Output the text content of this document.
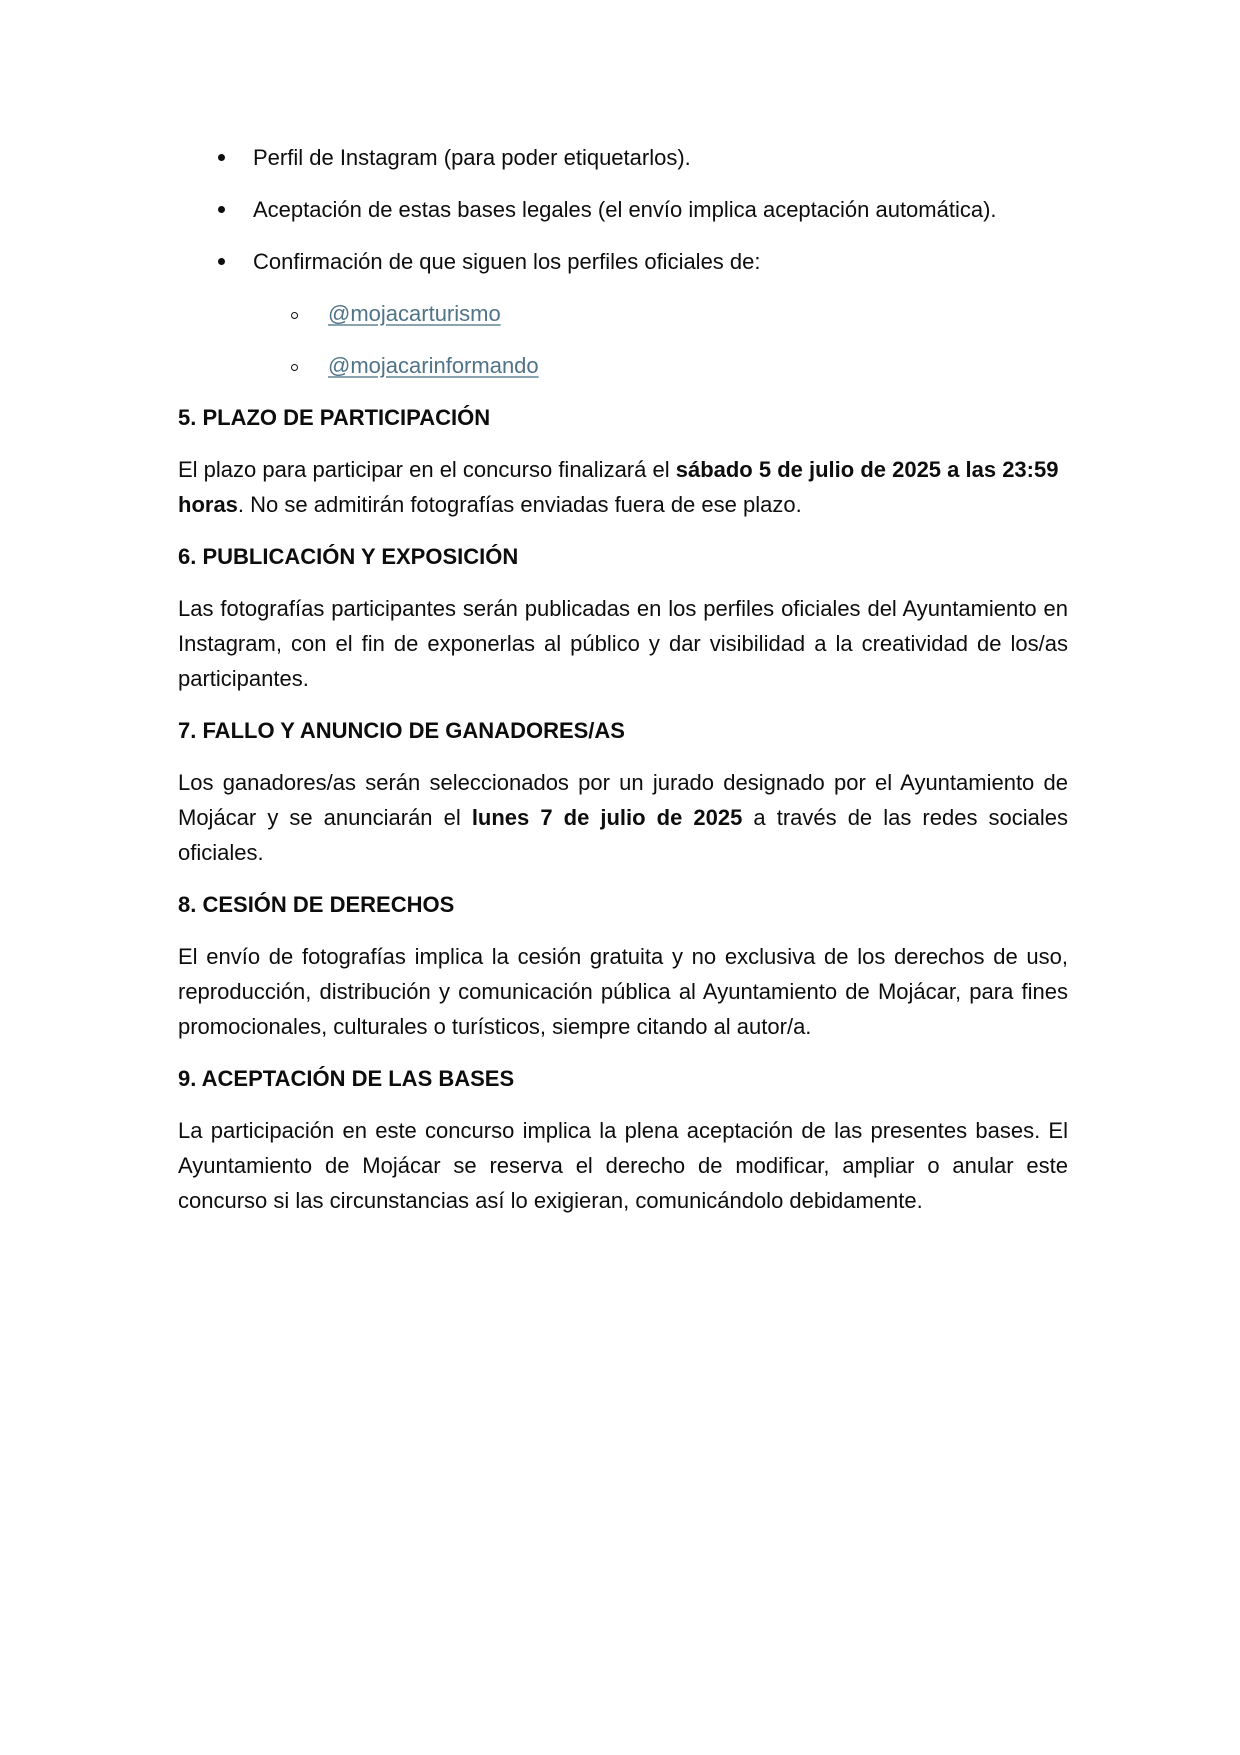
Perfil de Instagram (para poder etiquetarlos).
Aceptación de estas bases legales (el envío implica aceptación automática).
Confirmación de que siguen los perfiles oficiales de:
@mojacarturismo
@mojacarinformando
5. PLAZO DE PARTICIPACIÓN

El plazo para participar en el concurso finalizará el sábado 5 de julio de 2025 a las 23:59 horas. No se admitirán fotografías enviadas fuera de ese plazo.

6. PUBLICACIÓN Y EXPOSICIÓN

Las fotografías participantes serán publicadas en los perfiles oficiales del Ayuntamiento en Instagram, con el fin de exponerlas al público y dar visibilidad a la creatividad de los/as participantes.

7. FALLO Y ANUNCIO DE GANADORES/AS

Los ganadores/as serán seleccionados por un jurado designado por el Ayuntamiento de Mojácar y se anunciarán el lunes 7 de julio de 2025 a través de las redes sociales oficiales.

8. CESIÓN DE DERECHOS

El envío de fotografías implica la cesión gratuita y no exclusiva de los derechos de uso, reproducción, distribución y comunicación pública al Ayuntamiento de Mojácar, para fines promocionales, culturales o turísticos, siempre citando al autor/a.

9. ACEPTACIÓN DE LAS BASES

La participación en este concurso implica la plena aceptación de las presentes bases. El Ayuntamiento de Mojácar se reserva el derecho de modificar, ampliar o anular este concurso si las circunstancias así lo exigieran, comunicándolo debidamente.
